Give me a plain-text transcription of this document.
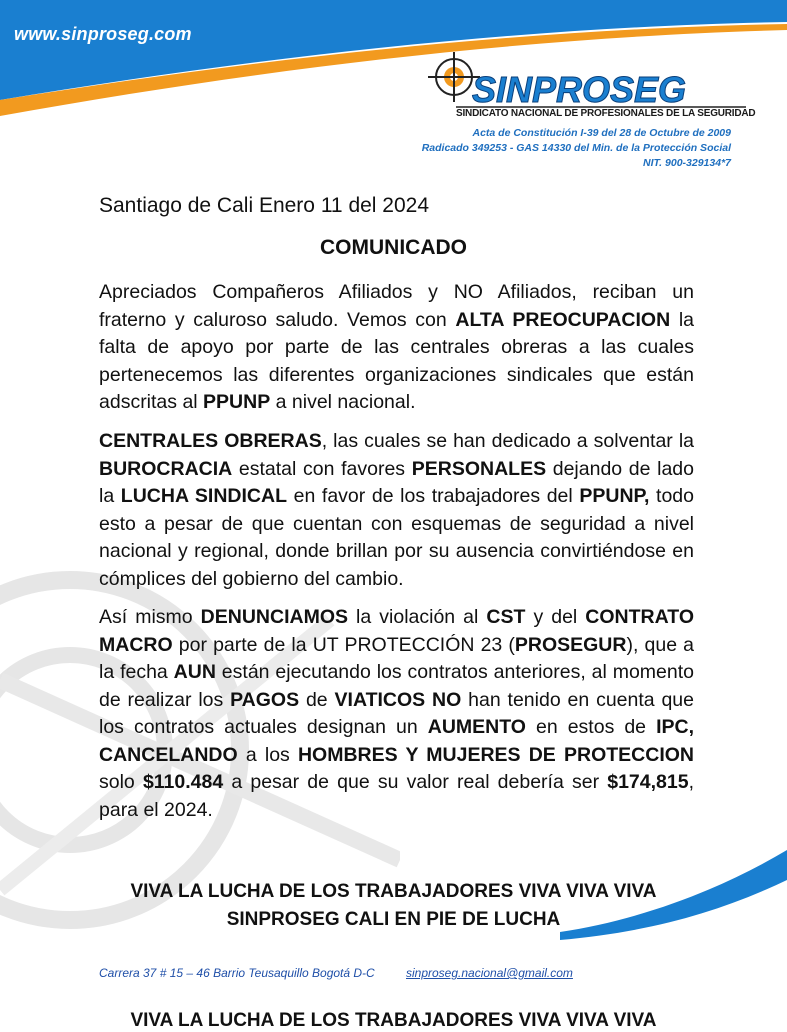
www.sinproseg.com
SINPROSEG
SINDICATO NACIONAL DE PROFESIONALES DE LA SEGURIDAD
Acta de Constitución I-39 del 28 de Octubre de 2009
Radicado 349253 - GAS 14330 del Min. de la Protección Social
NIT. 900-329134*7
Santiago de Cali Enero 11 del 2024
COMUNICADO
Apreciados Compañeros Afiliados y NO Afiliados, reciban un fraterno y caluroso saludo. Vemos con ALTA PREOCUPACION la falta de apoyo por parte de las centrales obreras a las cuales pertenecemos las diferentes organizaciones sindicales que están adscritas al PPUNP a nivel nacional.
CENTRALES OBRERAS, las cuales se han dedicado a solventar la BUROCRACIA estatal con favores PERSONALES dejando de lado la LUCHA SINDICAL en favor de los trabajadores del PPUNP, todo esto a pesar de que cuentan con esquemas de seguridad a nivel nacional y regional, donde brillan por su ausencia convirtiéndose en cómplices del gobierno del cambio.
Así mismo DENUNCIAMOS la violación al CST y del CONTRATO MACRO por parte de la UT PROTECCIÓN 23 (PROSEGUR), que a la fecha AUN están ejecutando los contratos anteriores, al momento de realizar los PAGOS de VIATICOS NO han tenido en cuenta que los contratos actuales designan un AUMENTO en estos de IPC, CANCELANDO a los HOMBRES Y MUJERES DE PROTECCION solo $110.484 a pesar de que su valor real debería ser $174,815, para el 2024.
VIVA LA LUCHA DE LOS TRABAJADORES VIVA VIVA VIVA
SINPROSEG CALI EN PIE DE LUCHA
Carrera 37 # 15 – 46 Barrio Teusaquillo Bogotá D-C	sinproseg.nacional@gmail.com
VIVA LA LUCHA DE LOS TRABAJADORES VIVA VIVA VIVA
